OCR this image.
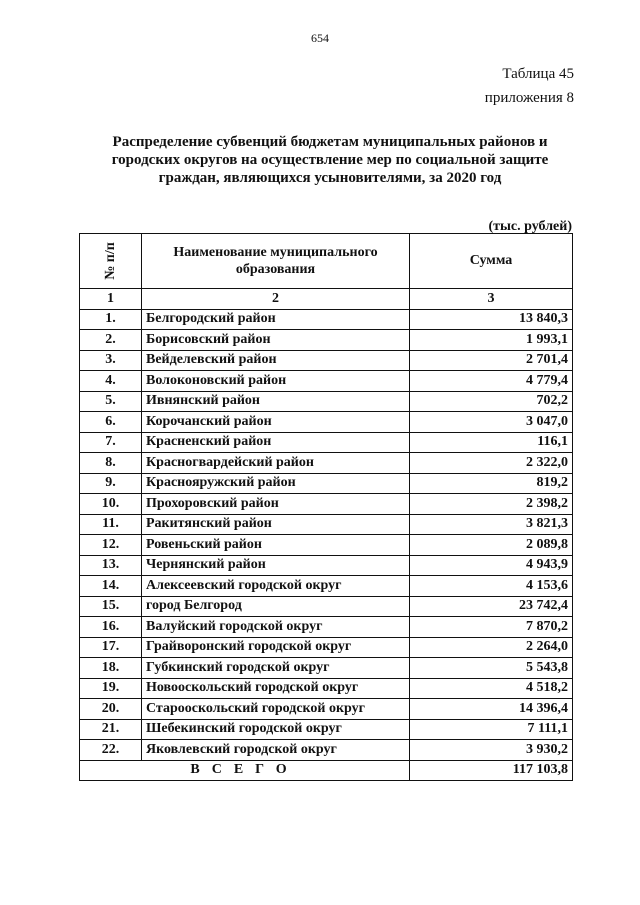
654
Таблица 45
приложения 8
Распределение субвенций бюджетам муниципальных районов и городских округов на осуществление мер по социальной защите граждан, являющихся усыновителями, за 2020 год
(тыс. рублей)
№ п/п	Наименование муниципального образования	Сумма
1	2	3
1.	Белгородский район	13 840,3
2.	Борисовский район	1 993,1
3.	Вейделевский район	2 701,4
4.	Волоконовский район	4 779,4
5.	Ивнянский район	702,2
6.	Корочанский район	3 047,0
7.	Красненский район	116,1
8.	Красногвардейский район	2 322,0
9.	Краснояружский район	819,2
10.	Прохоровский район	2 398,2
11.	Ракитянский район	3 821,3
12.	Ровеньский район	2 089,8
13.	Чернянский район	4 943,9
14.	Алексеевский городской округ	4 153,6
15.	город Белгород	23 742,4
16.	Валуйский городской округ	7 870,2
17.	Грайворонский городской округ	2 264,0
18.	Губкинский городской округ	5 543,8
19.	Новооскольский городской округ	4 518,2
20.	Старооскольский городской округ	14 396,4
21.	Шебекинский городской округ	7 111,1
22.	Яковлевский городской округ	3 930,2
ВСЕГО		117 103,8
